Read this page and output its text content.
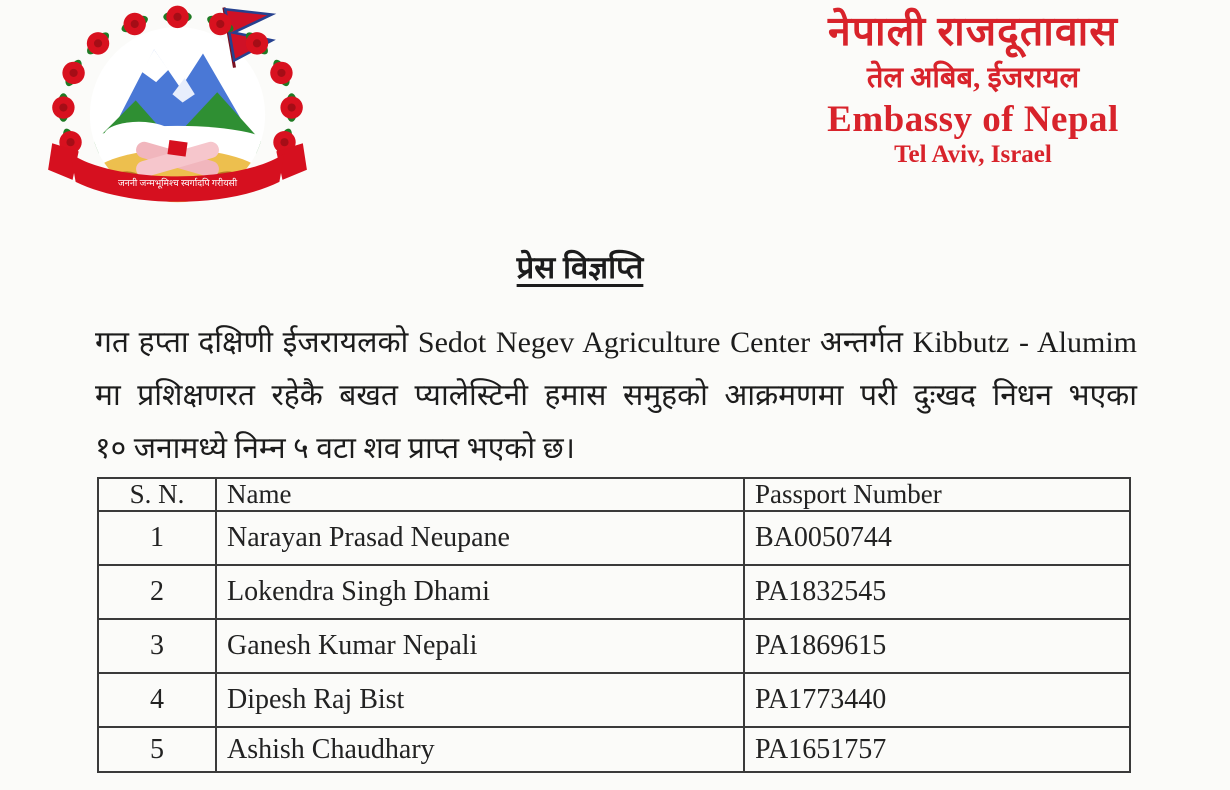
जननी जन्मभूमिश्च स्वर्गादपि गरीयसी
नेपाली राजदूतावास
तेल अबिब, ईजरायल
Embassy of Nepal
Tel Aviv, Israel
प्रेस विज्ञप्ति
गत हप्ता दक्षिणी ईजरायलको Sedot Negev Agriculture Center अन्तर्गत Kibbutz - Alumim
मा प्रशिक्षणरत रहेकै बखत प्यालेस्टिनी हमास समुहको आक्रमणमा परी दुःखद निधन भएका
१० जनामध्ये निम्न ५ वटा शव प्राप्त भएको छ।
S. N.	Name	Passport Number
1	Narayan Prasad Neupane	BA0050744
2	Lokendra Singh Dhami	PA1832545
3	Ganesh Kumar Nepali	PA1869615
4	Dipesh Raj Bist	PA1773440
5	Ashish Chaudhary	PA1651757
